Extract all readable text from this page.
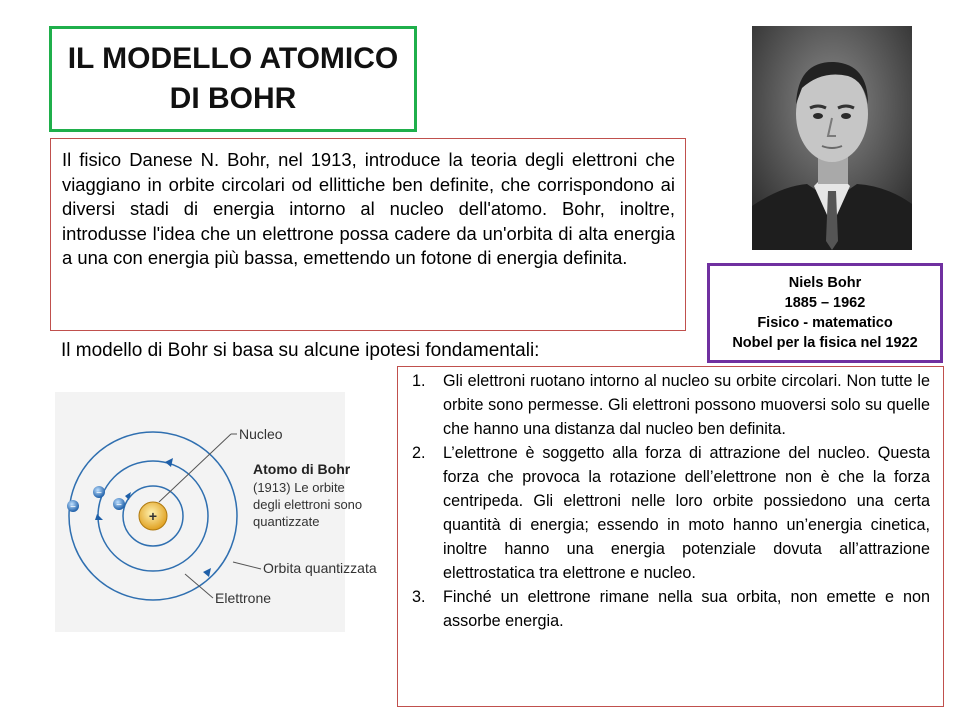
IL MODELLO ATOMICO
DI BOHR

Il fisico Danese N. Bohr, nel 1913, introduce la teoria degli elettroni che viaggiano in orbite circolari od ellittiche ben definite, che corrispondono ai diversi stadi di energia intorno al nucleo dell'atomo. Bohr, inoltre, introdusse l'idea che un elettrone possa cadere da un'orbita di alta energia a una con energia più bassa, emettendo un fotone di energia definita.

Il modello di Bohr si basa su alcune ipotesi fondamentali:
Niels Bohr
1885 – 1962
Fisico - matematico
Nobel per la fisica nel 1922
+
−
−
−
Nucleo
Atomo di Bohr
(1913) Le orbite
degli elettroni sono
quantizzate
Orbita quantizzata
Elettrone
1.	Gli elettroni ruotano intorno al nucleo su orbite circolari. Non tutte le orbite sono permesse. Gli elettroni possono muoversi solo su quelle che hanno una distanza dal nucleo ben definita.
2.	L’elettrone è soggetto alla forza di attrazione del nucleo. Questa forza che provoca la rotazione dell’elettrone non è che la forza centripeda. Gli elettroni nelle loro orbite possiedono una certa quantità di energia; essendo in moto hanno un’energia cinetica, inoltre hanno una energia potenziale dovuta all’attrazione elettrostatica tra elettrone e nucleo.
3.	Finché un elettrone rimane nella sua orbita, non emette e non assorbe energia.
